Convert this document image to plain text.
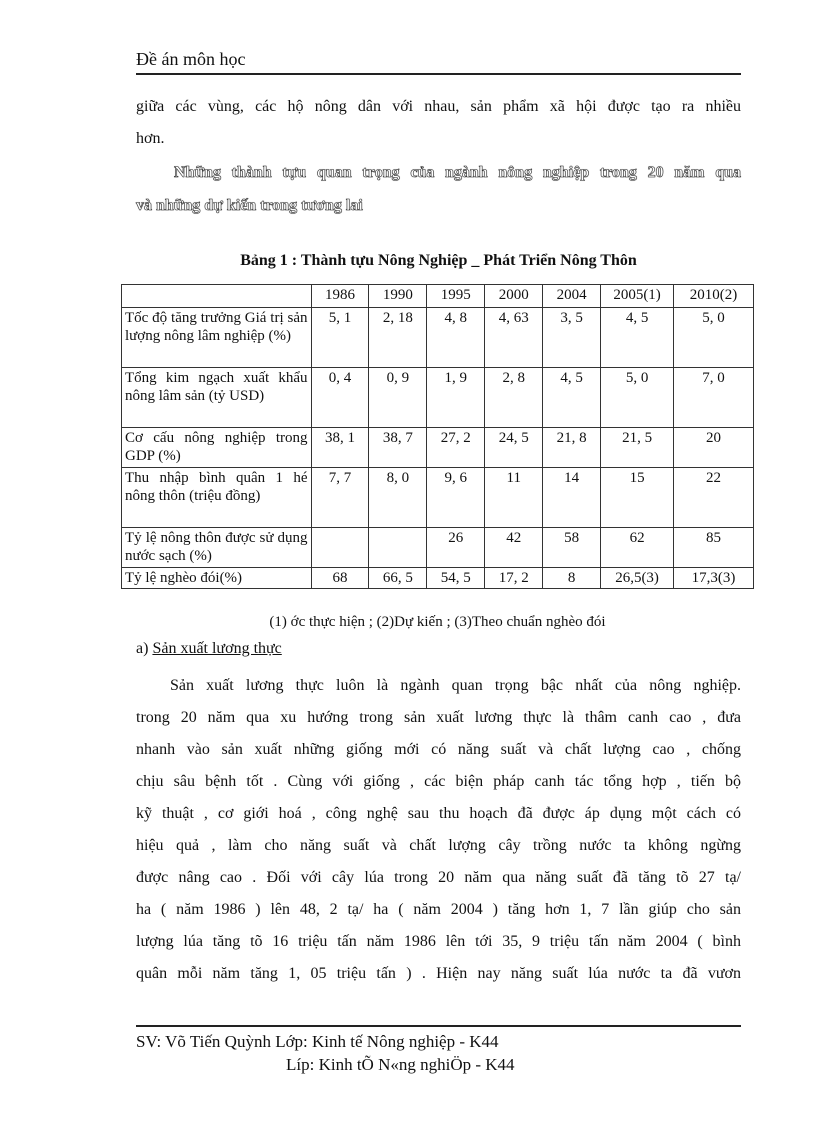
Đề án môn học
giữa các vùng, các hộ nông dân với nhau, sản phẩm xã hội được tạo ra nhiều
hơn.
Những thành tựu quan trọng của ngành nông nghiệp trong 20 năm qua
và những dự kiến trong tương lai
Bảng 1 : Thành tựu Nông Nghiệp _ Phát Triển Nông Thôn
	1986	1990	1995	2000	2004	2005(1)	2010(2)
Tốc độ tăng trưởng Giá trị sản lượng nông lâm nghiệp (%)	5, 1	2, 18	4, 8	4, 63	3, 5	4, 5	5, 0
Tổng kim ngạch xuất khẩu nông lâm sản (tỷ USD)	0, 4	0, 9	1, 9	2, 8	4, 5	5, 0	7, 0
Cơ cấu nông nghiệp trong GDP (%)	38, 1	38, 7	27, 2	24, 5	21, 8	21, 5	20
Thu nhập bình quân 1 hé nông thôn (triệu đồng)	7, 7	8, 0	9, 6	11	14	15	22
Tỷ lệ nông thôn được sử dụng nước sạch (%)			26	42	58	62	85
Tỷ lệ nghèo đói(%)	68	66, 5	54, 5	17, 2	8	26,5(3)	17,3(3)
(1) ớc thực hiện ; (2)Dự kiến ; (3)Theo chuẩn nghèo đói
a) Sản xuất lương thực
Sản xuất lương thực luôn là ngành quan trọng bậc nhất của nông nghiệp.
trong 20 năm qua xu hướng trong sản xuất lương thực là thâm canh cao , đưa
nhanh vào sản xuất những giống mới có năng suất và chất lượng cao , chống
chịu sâu bệnh tốt . Cùng với giống , các biện pháp canh tác tổng hợp , tiến bộ
kỹ thuật , cơ giới hoá , công nghệ sau thu hoạch đã được áp dụng một cách có
hiệu quả , làm cho năng suất và chất lượng cây trồng nước ta không ngừng
được nâng cao . Đối với cây lúa trong 20 năm qua năng suất đã tăng tõ 27 tạ/
ha ( năm 1986 ) lên 48, 2 tạ/ ha ( năm 2004 ) tăng hơn 1, 7 lần giúp cho sản
lượng lúa tăng tõ 16 triệu tấn năm 1986 lên tới 35, 9 triệu tấn năm 2004 ( bình
quân mỗi năm tăng 1, 05 triệu tấn ) . Hiện nay năng suất lúa nước ta đã vươn
SV: Võ Tiến Quỳnh Lớp: Kinh tế Nông nghiệp - K44
Líp: Kinh tÕ N«ng nghiÖp - K44
